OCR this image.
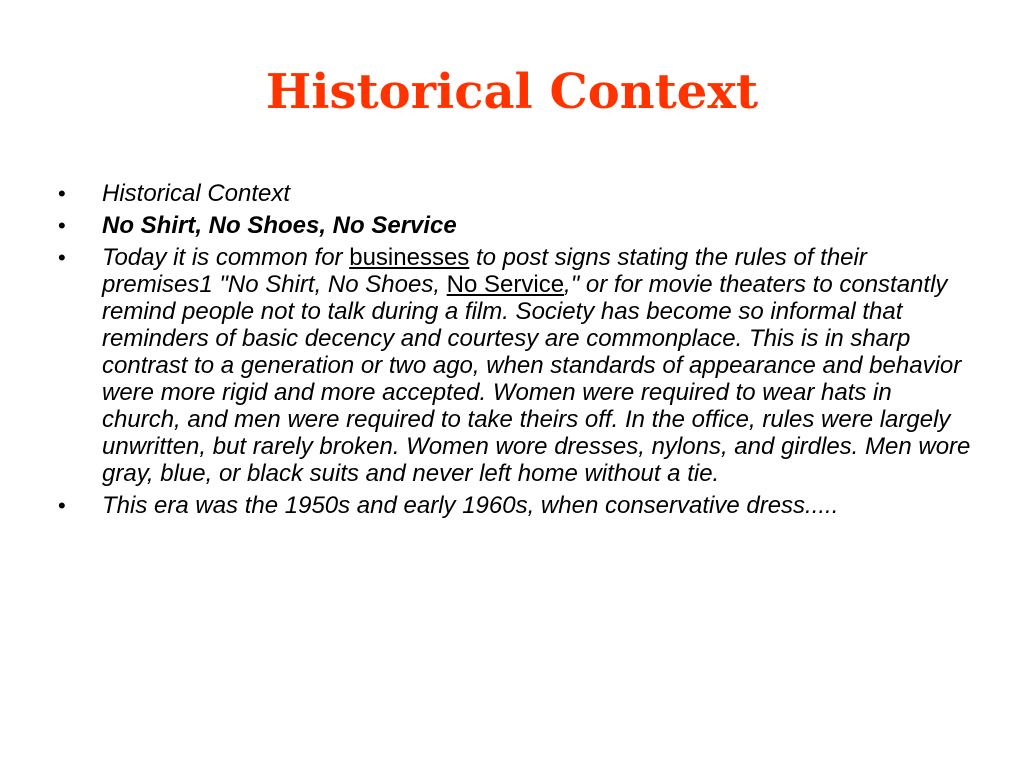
Historical Context
• Historical Context
• No Shirt, No Shoes, No Service
• Today it is common for businesses to post signs stating the rules of their premises1 "No Shirt, No Shoes, No Service," or for movie theaters to constantly remind people not to talk during a film. Society has become so informal that reminders of basic decency and courtesy are commonplace. This is in sharp contrast to a generation or two ago, when standards of appearance and behavior were more rigid and more accepted. Women were required to wear hats in church, and men were required to take theirs off. In the office, rules were largely unwritten, but rarely broken. Women wore dresses, nylons, and girdles. Men wore gray, blue, or black suits and never left home without a tie.
• This era was the 1950s and early 1960s, when conservative dress.....
